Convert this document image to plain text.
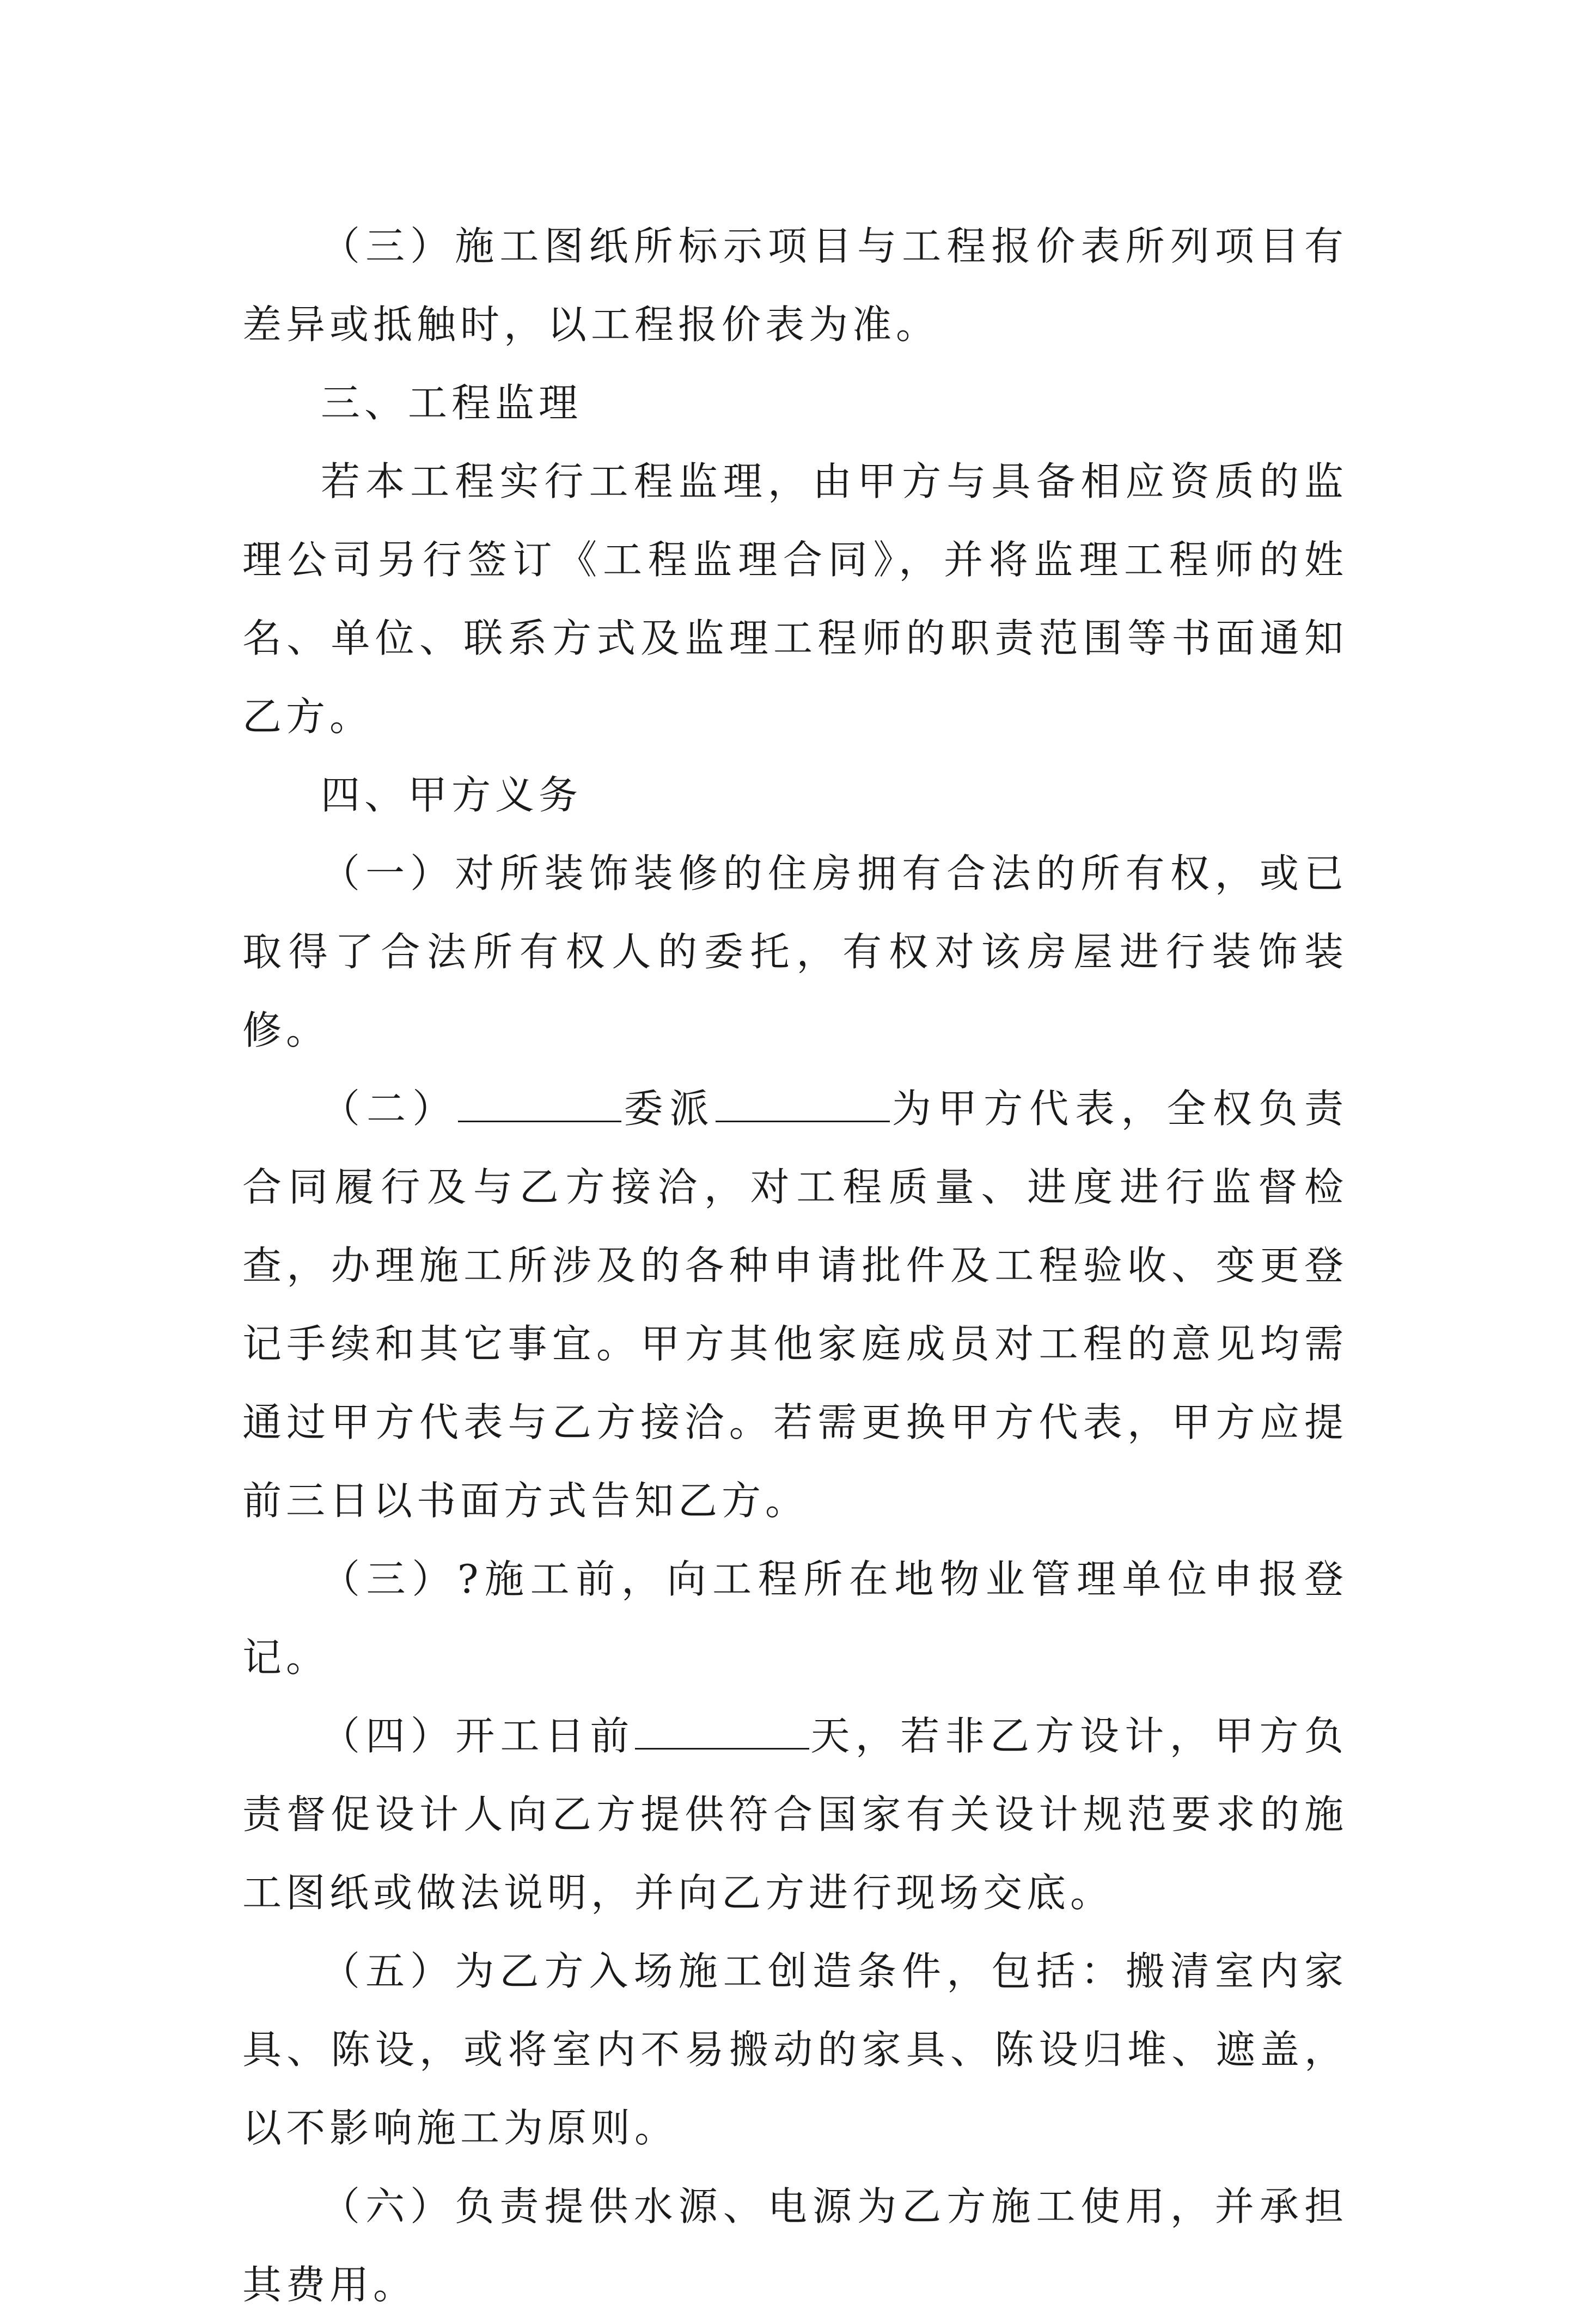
（三）施工图纸所标示项目与工程报价表所列项目有差异或抵触时，以工程报价表为准。

三、工程监理

若本工程实行工程监理，由甲方与具备相应资质的监理公司另行签订《工程监理合同》，并将监理工程师的姓名、单位、联系方式及监理工程师的职责范围等书面通知乙方。

四、甲方义务

（一）对所装饰装修的住房拥有合法的所有权，或已取得了合法所有权人的委托，有权对该房屋进行装饰装修。

（二）	委派	为甲方代表，全权负责合同履行及与乙方接洽，对工程质量、进度进行监督检查，办理施工所涉及的各种申请批件及工程验收、变更登记手续和其它事宜。甲方其他家庭成员对工程的意见均需通过甲方代表与乙方接洽。若需更换甲方代表，甲方应提前三日以书面方式告知乙方。

（三）?施工前，向工程所在地物业管理单位申报登记。

（四）开工日前	天，若非乙方设计，甲方负责督促设计人向乙方提供符合国家有关设计规范要求的施工图纸或做法说明，并向乙方进行现场交底。

（五）为乙方入场施工创造条件，包括：搬清室内家具、陈设，或将室内不易搬动的家具、陈设归堆、遮盖，以不影响施工为原则。

（六）负责提供水源、电源为乙方施工使用，并承担其费用。
